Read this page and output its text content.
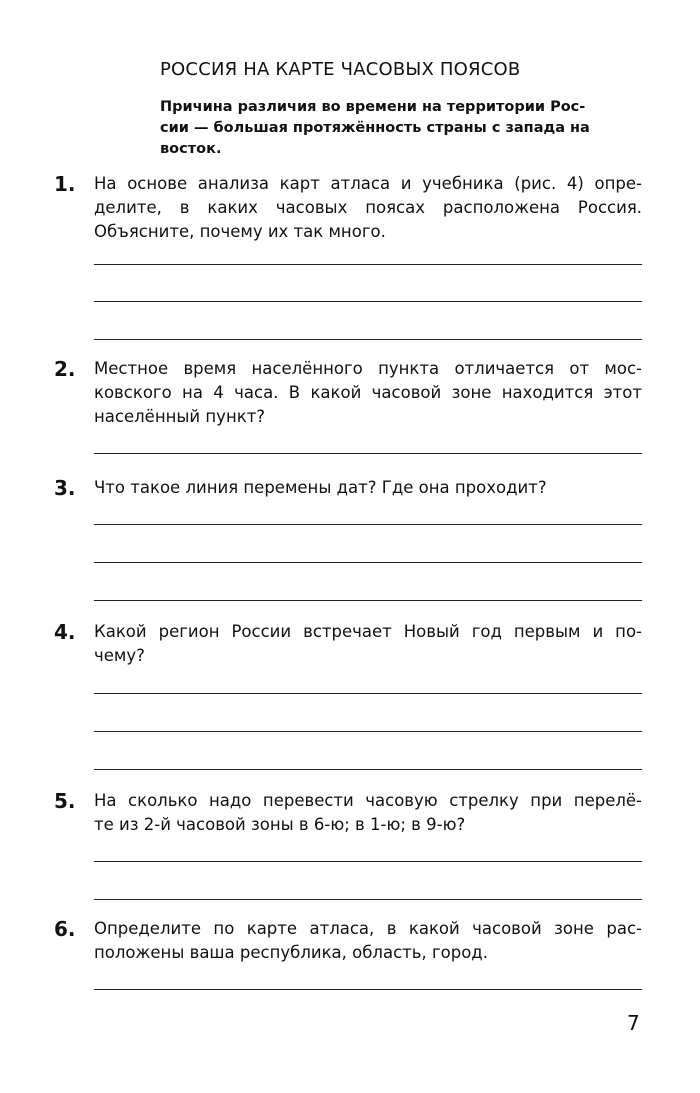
РОССИЯ НА КАРТЕ ЧАСОВЫХ ПОЯСОВ
Причина различия во времени на территории Рос-
сии — большая протяжённость страны с запада на
восток.
1. На основе анализа карт атласа и учебника (рис. 4) опре-
делите, в каких часовых поясах расположена Россия.
Объясните, почему их так много.
2. Местное время населённого пункта отличается от мос-
ковского на 4 часа. В какой часовой зоне находится этот
населённый пункт?
3. Что такое линия перемены дат? Где она проходит?
4. Какой регион России встречает Новый год первым и по-
чему?
5. На сколько надо перевести часовую стрелку при перелё-
те из 2-й часовой зоны в 6-ю; в 1-ю; в 9-ю?
6. Определите по карте атласа, в какой часовой зоне рас-
положены ваша республика, область, город.
7
